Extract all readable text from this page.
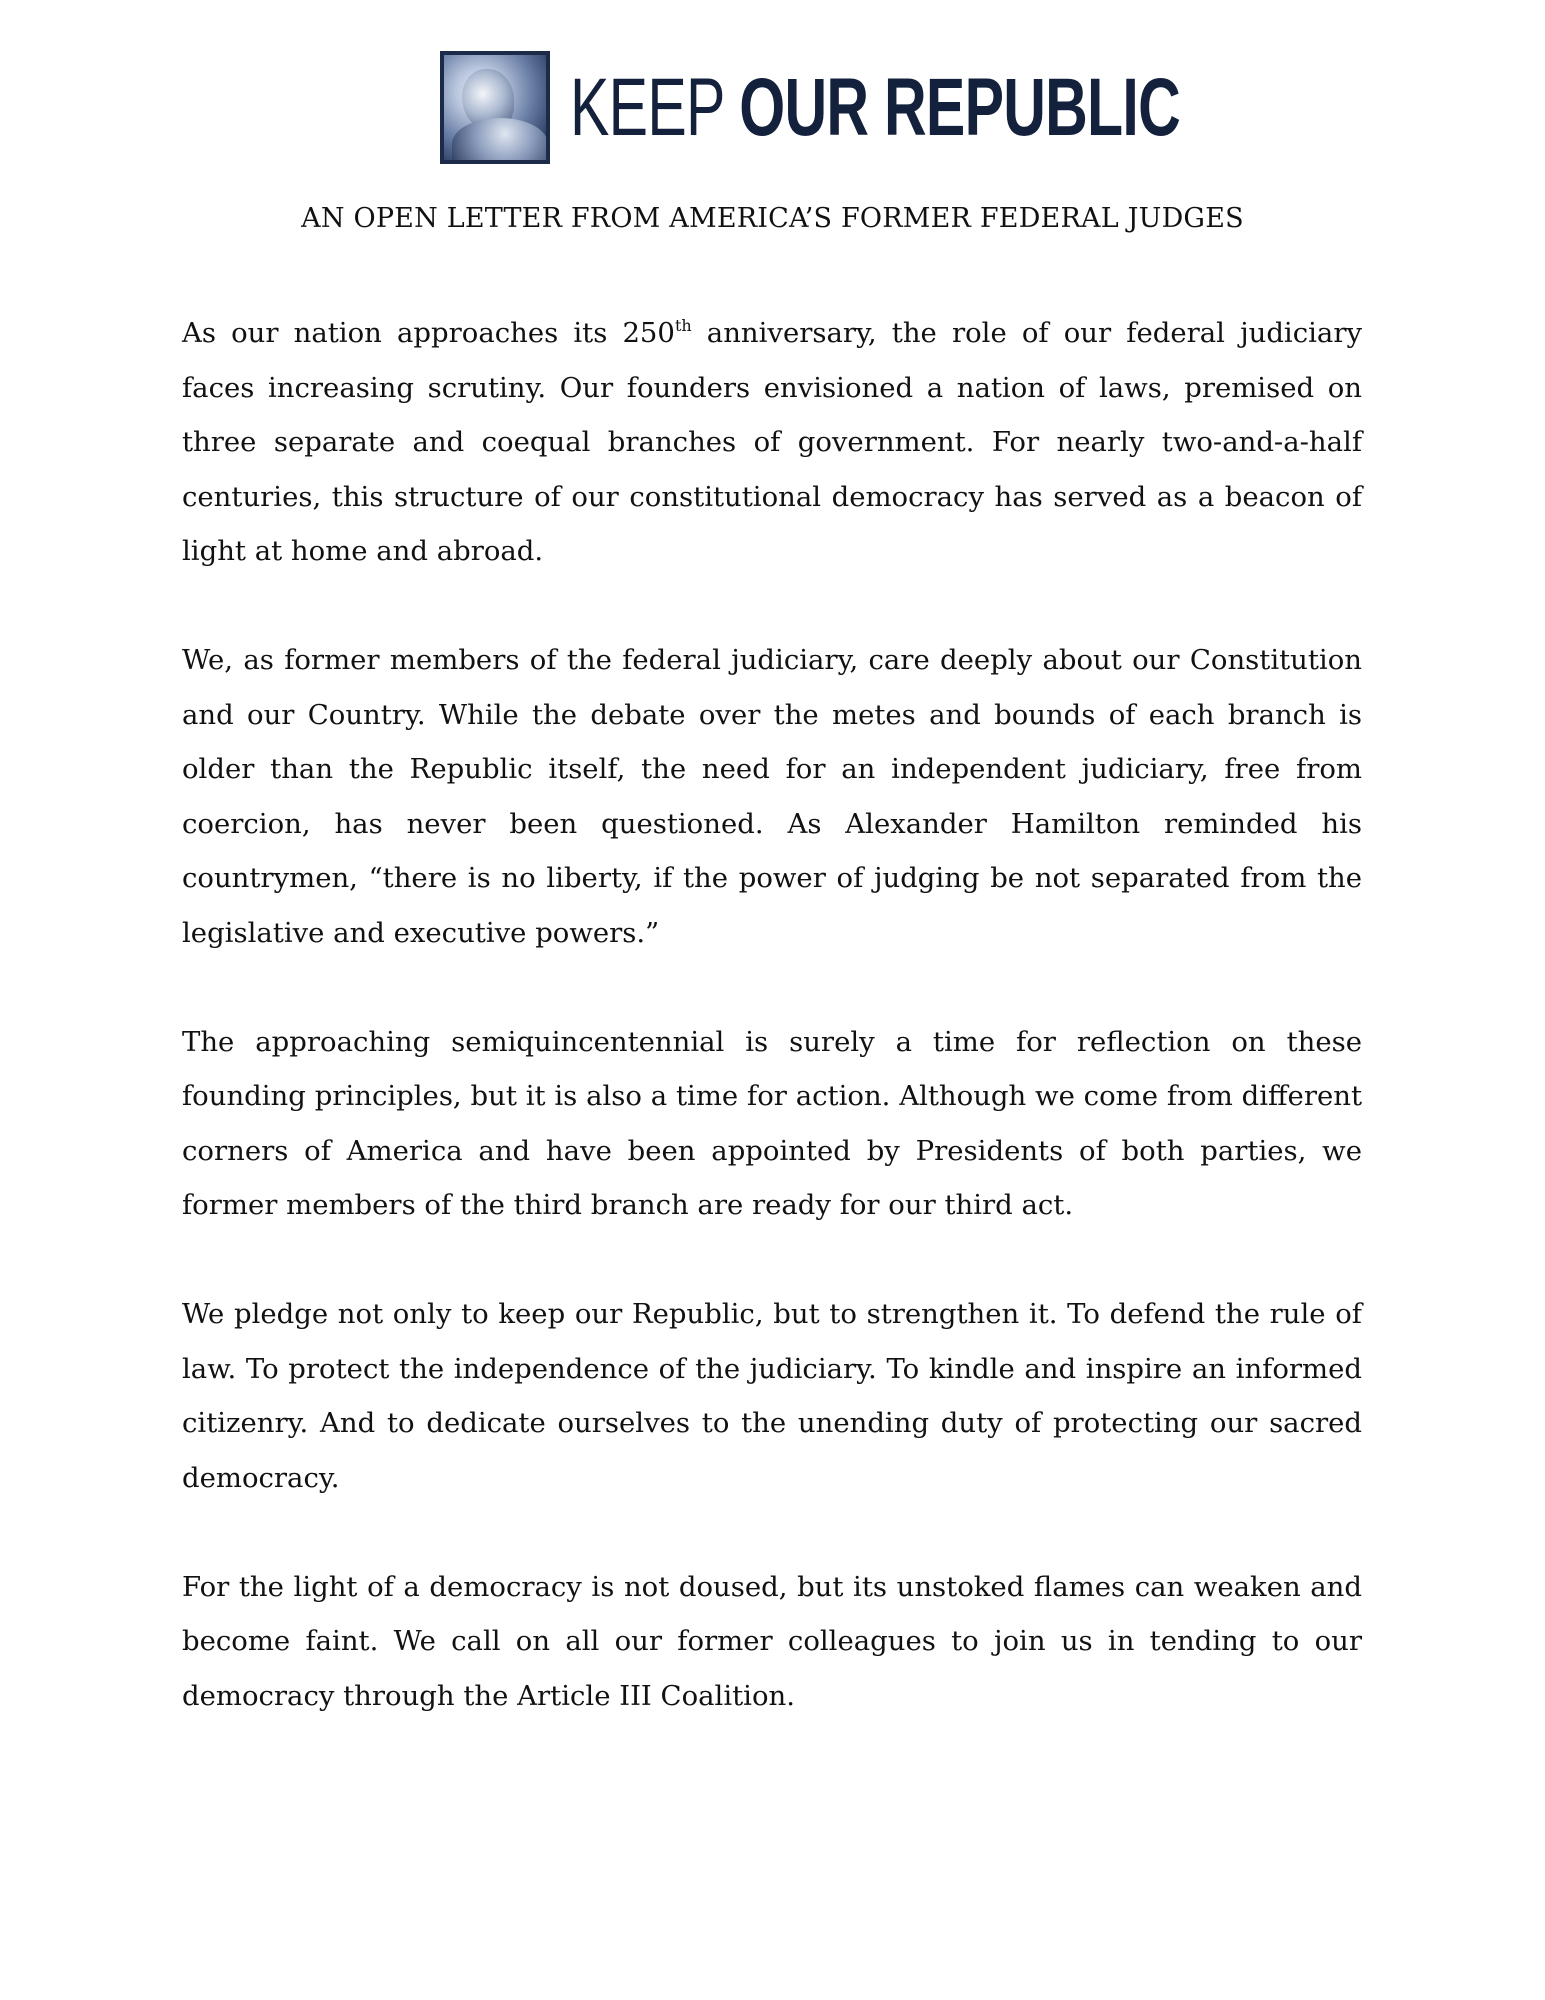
KEEP OUR REPUBLIC
AN OPEN LETTER FROM AMERICA’S FORMER FEDERAL JUDGES

As our nation approaches its 250th anniversary, the role of our federal judiciary faces increasing scrutiny. Our founders envisioned a nation of laws, premised on three separate and coequal branches of government. For nearly two-and-a-half centuries, this structure of our constitutional democracy has served as a beacon of light at home and abroad.

We, as former members of the federal judiciary, care deeply about our Constitution and our Country. While the debate over the metes and bounds of each branch is older than the Republic itself, the need for an independent judiciary, free from coercion, has never been questioned. As Alexander Hamilton reminded his countrymen, “there is no liberty, if the power of judging be not separated from the legislative and executive powers.”

The approaching semiquincentennial is surely a time for reflection on these founding principles, but it is also a time for action. Although we come from different corners of America and have been appointed by Presidents of both parties, we former members of the third branch are ready for our third act.

We pledge not only to keep our Republic, but to strengthen it. To defend the rule of law. To protect the independence of the judiciary. To kindle and inspire an informed citizenry. And to dedicate ourselves to the unending duty of protecting our sacred democracy.

For the light of a democracy is not doused, but its unstoked flames can weaken and become faint. We call on all our former colleagues to join us in tending to our democracy through the Article III Coalition.
